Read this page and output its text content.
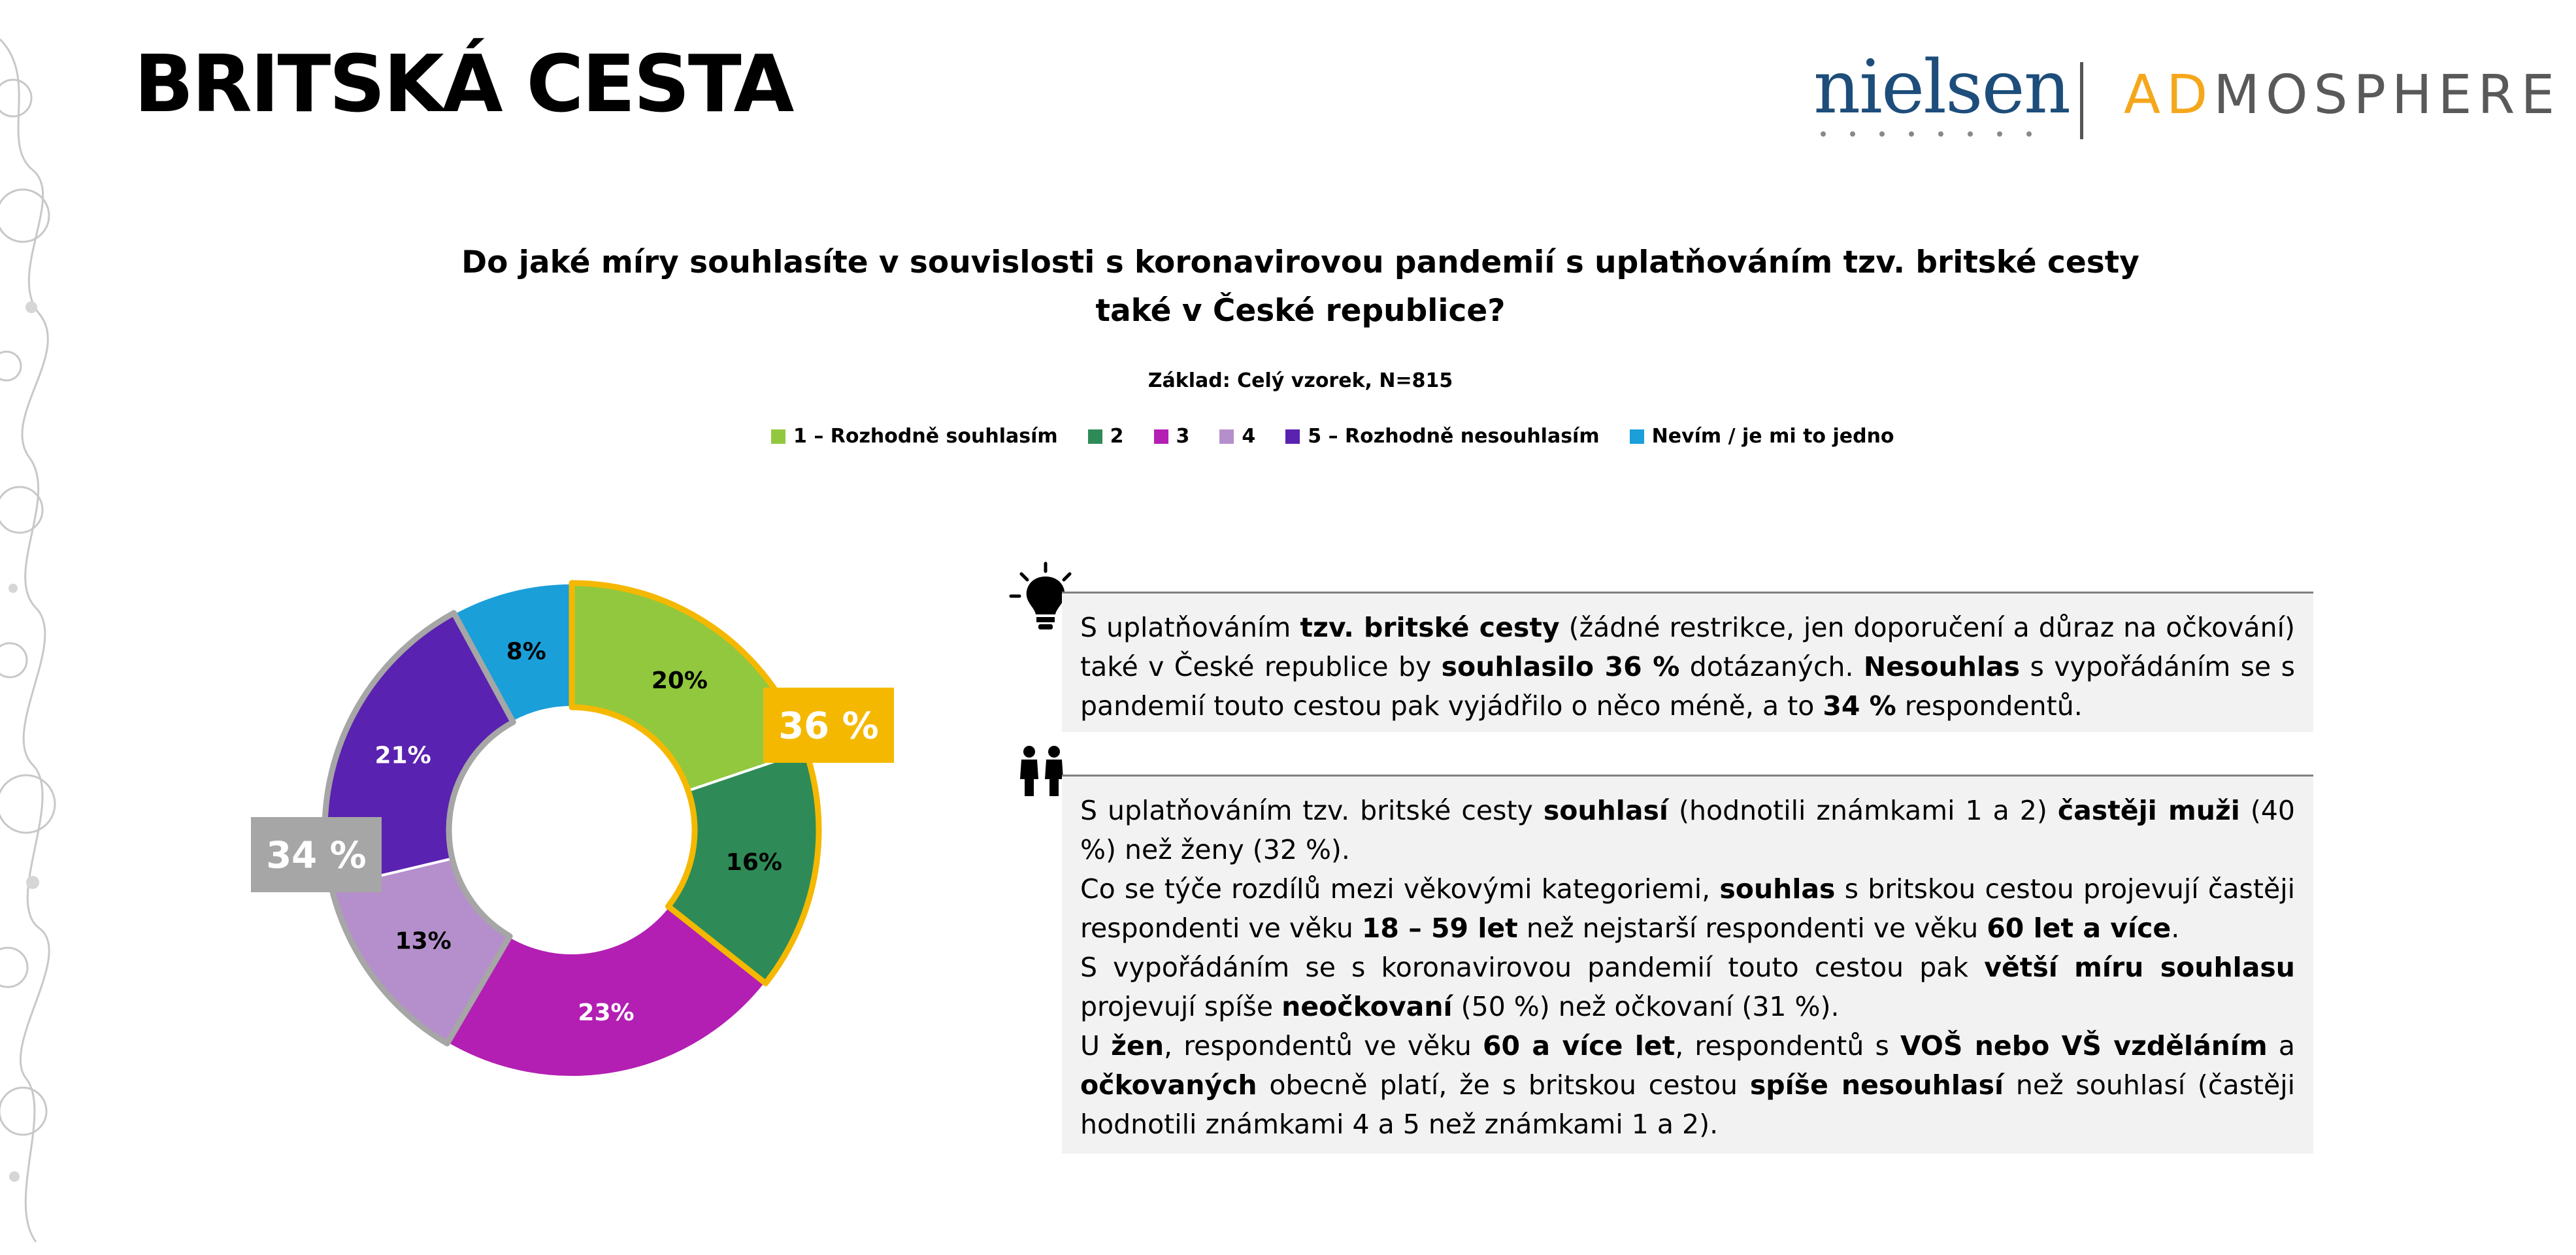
BRITSKÁ CESTA	nielsen ADMOSPHERE

Do jaké míry souhlasíte v souvislosti s koronavirovou pandemií s uplatňováním tzv. britské cesty také v České republice?

Základ: Celý vzorek, N=815
1 – Rozhodně souhlasím	2	3	4	5 – Rozhodně nesouhlasím	Nevím / je mi to jedno
20%
16%
23%
13%
21%
8%
36 %
34 %

S uplatňováním tzv. britské cesty (žádné restrikce, jen doporučení a důraz na očkování) také v České republice by souhlasilo 36 % dotázaných. Nesouhlas s vypořádáním se s pandemií touto cestou pak vyjádřilo o něco méně, a to 34 % respondentů.

S uplatňováním tzv. britské cesty souhlasí (hodnotili známkami 1 a 2) častěji muži (40 %) než ženy (32 %).

Co se týče rozdílů mezi věkovými kategoriemi, souhlas s britskou cestou projevují častěji respondenti ve věku 18 – 59 let než nejstarší respondenti ve věku 60 let a více.

S vypořádáním se s koronavirovou pandemií touto cestou pak větší míru souhlasu projevují spíše neočkovaní (50 %) než očkovaní (31 %).

U žen, respondentů ve věku 60 a více let, respondentů s VOŠ nebo VŠ vzděláním a očkovaných obecně platí, že s britskou cestou spíše nesouhlasí než souhlasí (častěji hodnotili známkami 4 a 5 než známkami 1 a 2).
